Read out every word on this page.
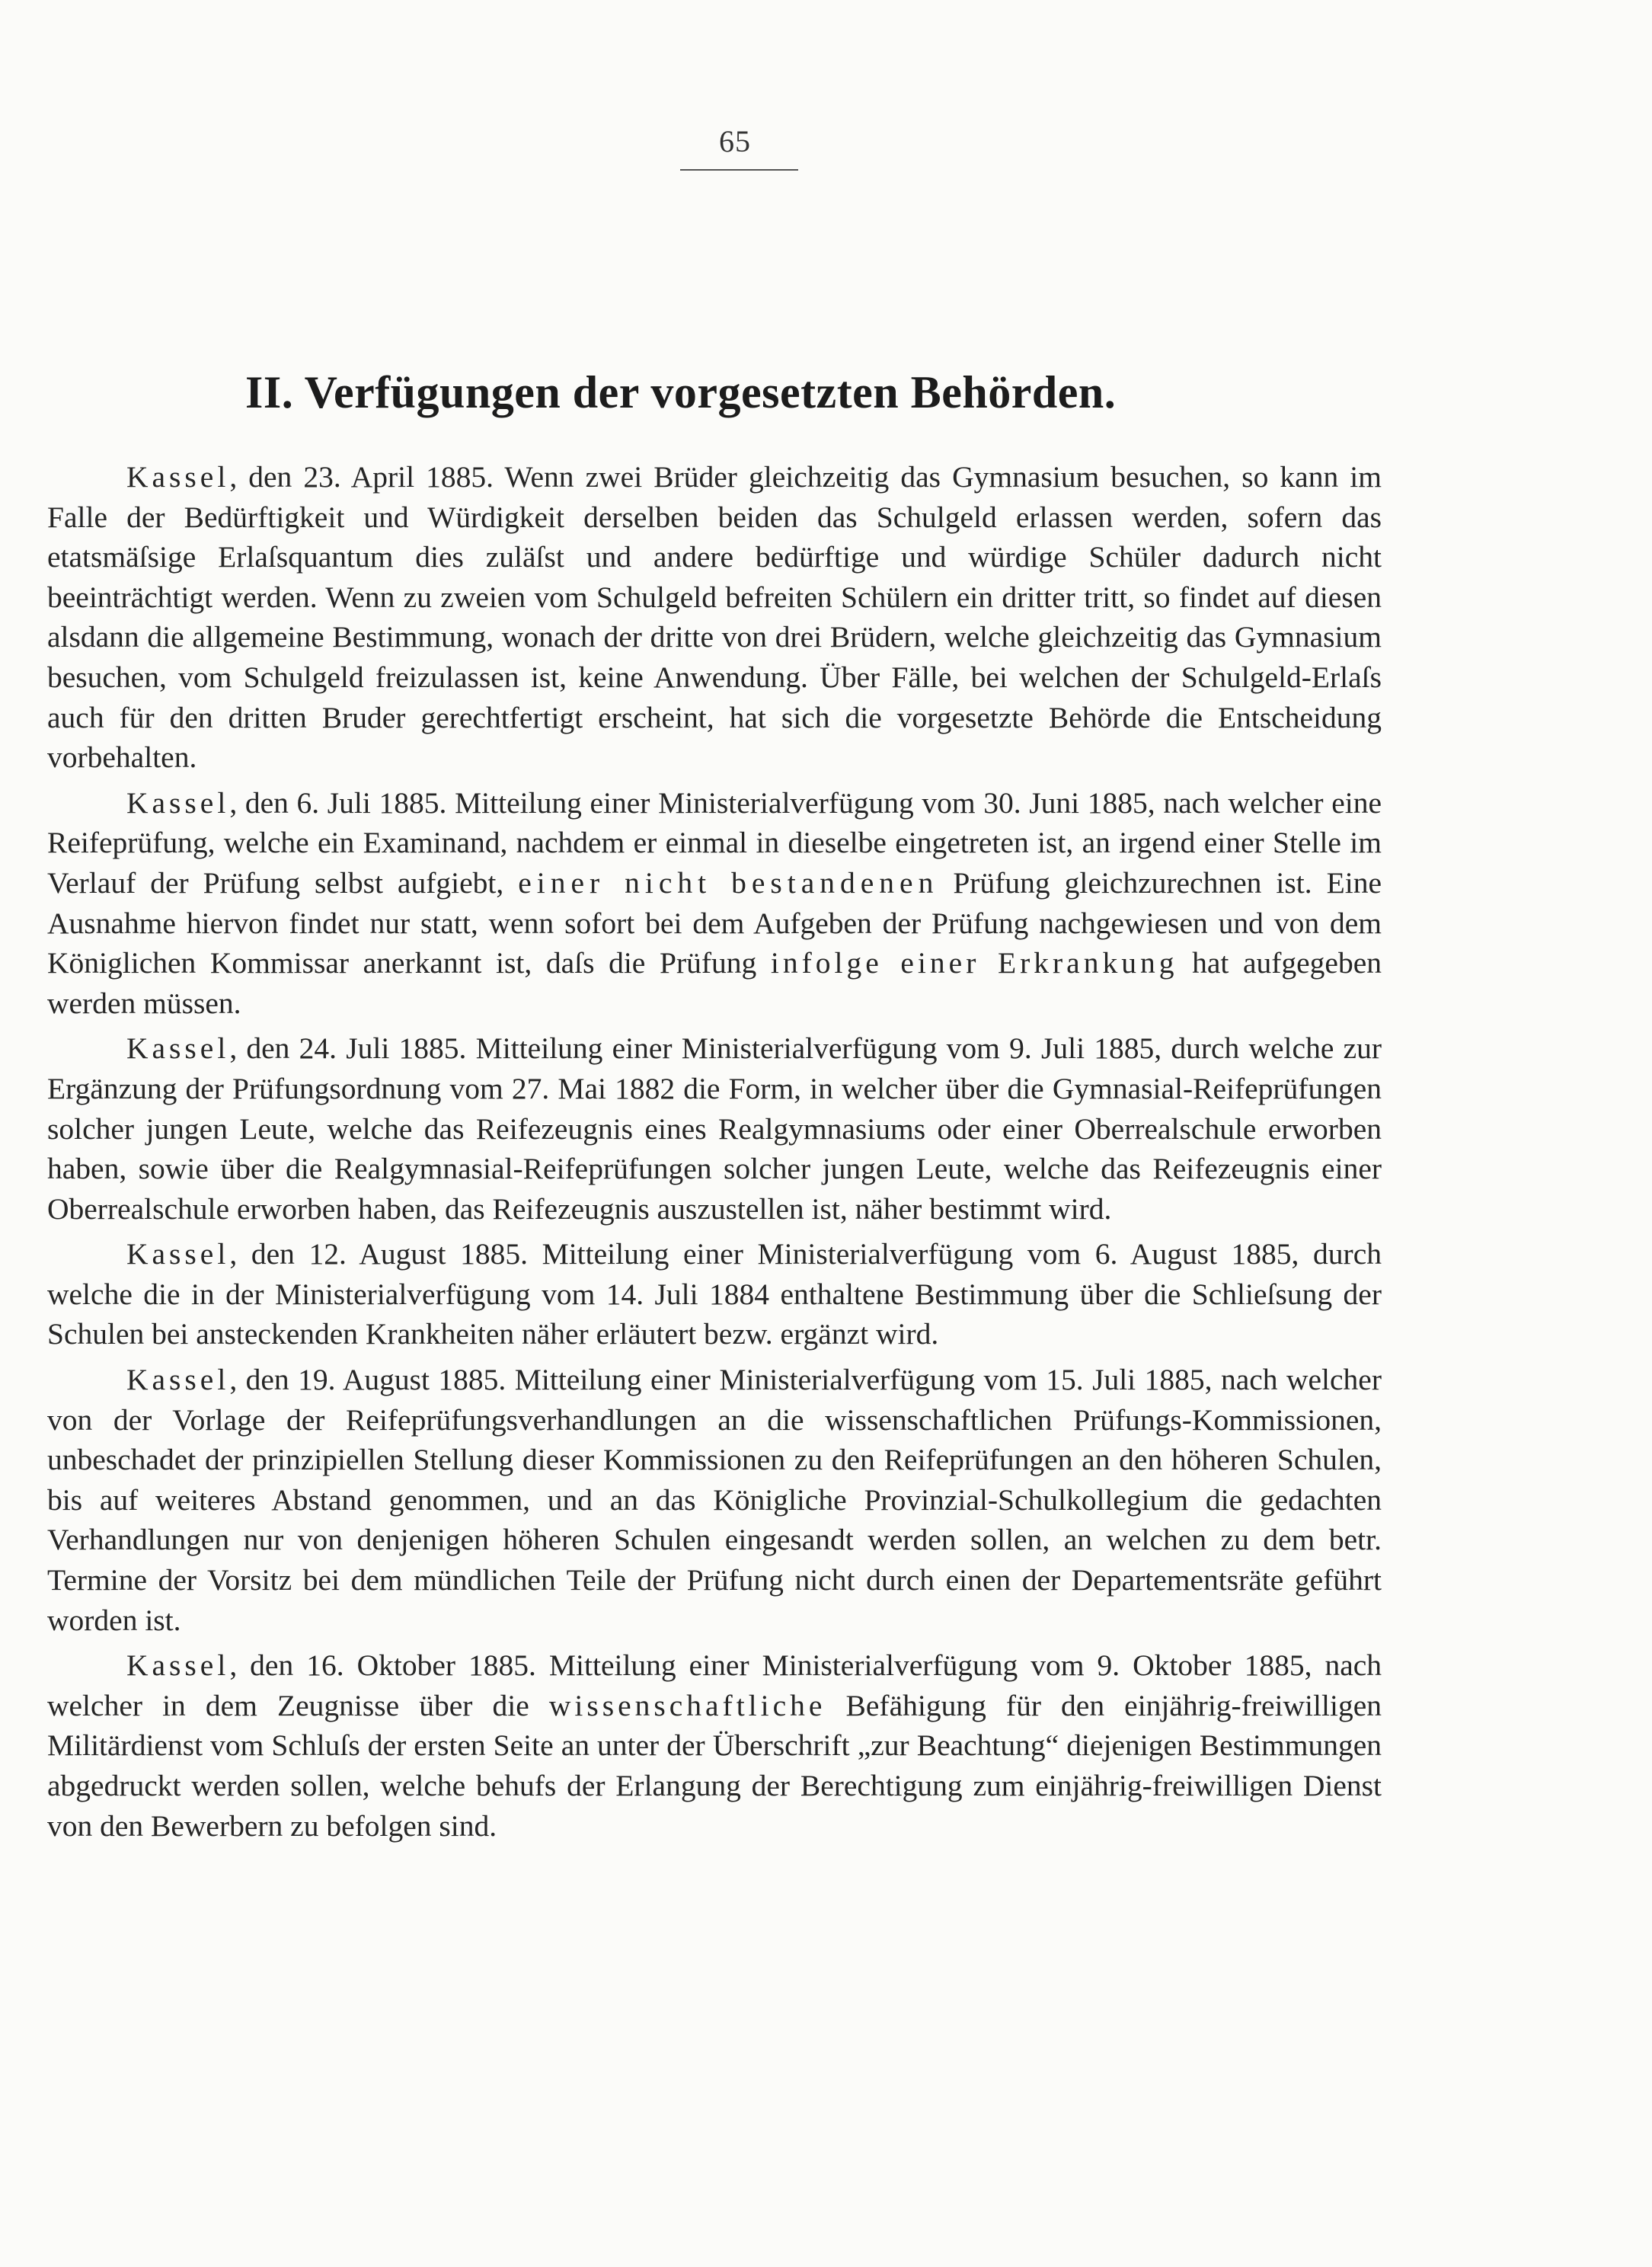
65
II. Verfügungen der vorgesetzten Behörden.

Kassel, den 23. April 1885. Wenn zwei Brüder gleichzeitig das Gymnasium besuchen, so kann im Falle der Bedürftigkeit und Würdigkeit derselben beiden das Schulgeld erlassen werden, sofern das etatsmäſsige Erlaſsquantum dies zuläſst und andere bedürftige und würdige Schüler dadurch nicht beeinträchtigt werden. Wenn zu zweien vom Schulgeld befreiten Schülern ein dritter tritt, so findet auf diesen alsdann die allgemeine Bestimmung, wonach der dritte von drei Brüdern, welche gleichzeitig das Gymnasium besuchen, vom Schulgeld freizulassen ist, keine Anwendung. Über Fälle, bei welchen der Schulgeld-Erlaſs auch für den dritten Bruder gerechtfertigt erscheint, hat sich die vorgesetzte Behörde die Entscheidung vorbehalten.

Kassel, den 6. Juli 1885. Mitteilung einer Ministerialverfügung vom 30. Juni 1885, nach welcher eine Reifeprüfung, welche ein Examinand, nachdem er einmal in dieselbe eingetreten ist, an irgend einer Stelle im Verlauf der Prüfung selbst aufgiebt, einer nicht bestandenen Prüfung gleichzurechnen ist. Eine Ausnahme hiervon findet nur statt, wenn sofort bei dem Aufgeben der Prüfung nachgewiesen und von dem Königlichen Kommissar anerkannt ist, daſs die Prüfung infolge einer Erkrankung hat aufgegeben werden müssen.

Kassel, den 24. Juli 1885. Mitteilung einer Ministerialverfügung vom 9. Juli 1885, durch welche zur Ergänzung der Prüfungsordnung vom 27. Mai 1882 die Form, in welcher über die Gymnasial-Reifeprüfungen solcher jungen Leute, welche das Reifezeugnis eines Realgymnasiums oder einer Oberrealschule erworben haben, sowie über die Realgymnasial-Reifeprüfungen solcher jungen Leute, welche das Reifezeugnis einer Oberrealschule erworben haben, das Reifezeugnis auszustellen ist, näher bestimmt wird.

Kassel, den 12. August 1885. Mitteilung einer Ministerialverfügung vom 6. August 1885, durch welche die in der Ministerialverfügung vom 14. Juli 1884 enthaltene Bestimmung über die Schlieſsung der Schulen bei ansteckenden Krankheiten näher erläutert bezw. ergänzt wird.

Kassel, den 19. August 1885. Mitteilung einer Ministerialverfügung vom 15. Juli 1885, nach welcher von der Vorlage der Reifeprüfungsverhandlungen an die wissenschaftlichen Prüfungs-Kommissionen, unbeschadet der prinzipiellen Stellung dieser Kommissionen zu den Reifeprüfungen an den höheren Schulen, bis auf weiteres Abstand genommen, und an das Königliche Provinzial-Schulkollegium die gedachten Verhandlungen nur von denjenigen höheren Schulen eingesandt werden sollen, an welchen zu dem betr. Termine der Vorsitz bei dem mündlichen Teile der Prüfung nicht durch einen der Departementsräte geführt worden ist.

Kassel, den 16. Oktober 1885. Mitteilung einer Ministerialverfügung vom 9. Oktober 1885, nach welcher in dem Zeugnisse über die wissenschaftliche Befähigung für den einjährig-freiwilligen Militärdienst vom Schluſs der ersten Seite an unter der Überschrift „zur Beachtung“ diejenigen Bestimmungen abgedruckt werden sollen, welche behufs der Erlangung der Berechtigung zum einjährig-freiwilligen Dienst von den Bewerbern zu befolgen sind.
